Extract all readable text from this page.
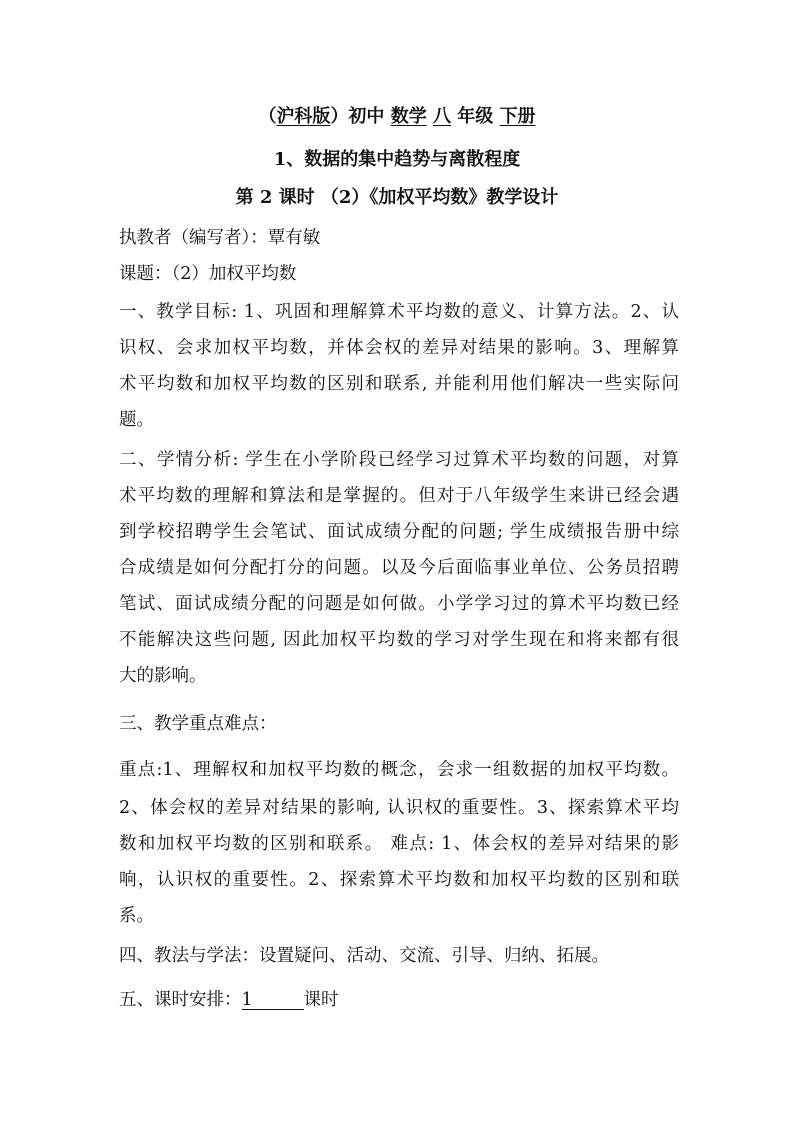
（沪科版）初中 数学 八 年级 下册
1、数据的集中趋势与离散程度
第 2 课时 （2）《加权平均数》教学设计
执教者（编写者）：覃有敏
课题：（2）加权平均数
一、教学目标: 1、巩固和理解算术平均数的意义、计算方法。2、认
识权、会求加权平均数，并体会权的差异对结果的影响。3、理解算
术平均数和加权平均数的区别和联系, 并能利用他们解决一些实际问
题。
二、学情分析: 学生在小学阶段已经学习过算术平均数的问题，对算
术平均数的理解和算法和是掌握的。但对于八年级学生来讲已经会遇
到学校招聘学生会笔试、面试成绩分配的问题; 学生成绩报告册中综
合成绩是如何分配打分的问题。以及今后面临事业单位、公务员招聘
笔试、面试成绩分配的问题是如何做。小学学习过的算术平均数已经
不能解决这些问题, 因此加权平均数的学习对学生现在和将来都有很
大的影响。
三、教学重点难点：
重点:1、理解权和加权平均数的概念，会求一组数据的加权平均数。
2、体会权的差异对结果的影响, 认识权的重要性。3、探索算术平均
数和加权平均数的区别和联系。 难点: 1、体会权的差异对结果的影
响，认识权的重要性。2、探索算术平均数和加权平均数的区别和联
系。
四、教法与学法：设置疑问、活动、交流、引导、归纳、拓展。
五、课时安排：1	课时
